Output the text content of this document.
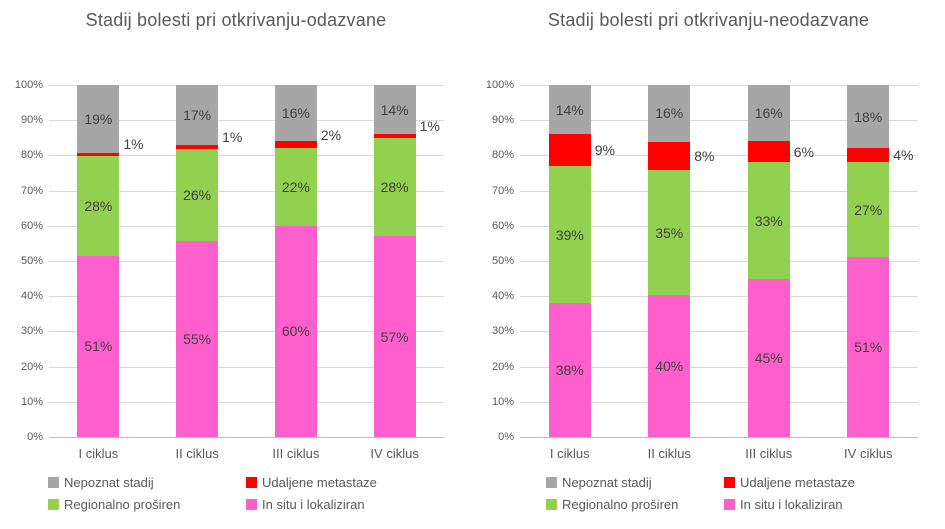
Stadij bolesti pri otkrivanju-odazvane
0%
10%
20%
30%
40%
50%
60%
70%
80%
90%
100%
51%
28%
1%
19%
I ciklus
55%
26%
1%
17%
II ciklus
60%
22%
2%
16%
III ciklus
57%
28%
1%
14%
IV ciklus
Nepoznat stadij	Udaljene metastaze
Regionalno proširen	In situ i lokaliziran
Stadij bolesti pri otkrivanju-neodazvane
0%
10%
20%
30%
40%
50%
60%
70%
80%
90%
100%
38%
39%
9%
14%
I ciklus
40%
35%
8%
16%
II ciklus
45%
33%
6%
16%
III ciklus
51%
27%
4%
18%
IV ciklus
Nepoznat stadij	Udaljene metastaze
Regionalno proširen	In situ i lokaliziran
